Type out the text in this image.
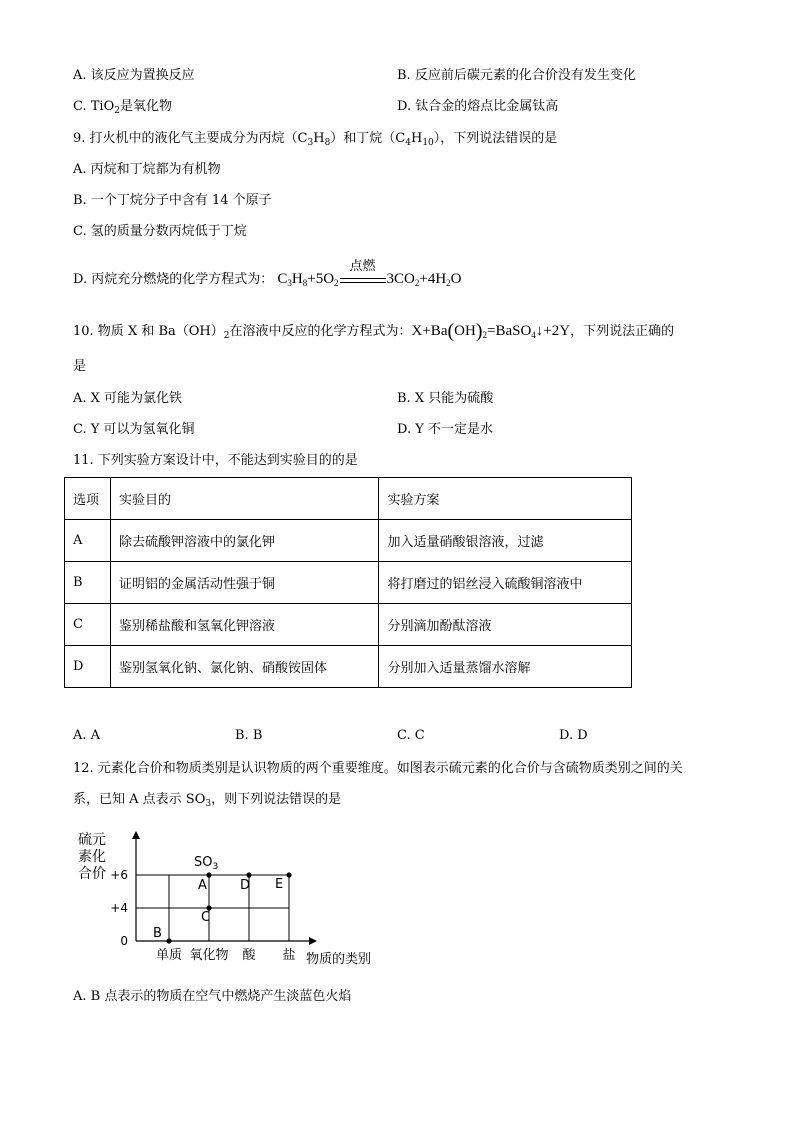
A. 该反应为置换反应	B. 反应前后碳元素的化合价没有发生变化
C. TiO$_2$是氧化物	D. 钛合金的熔点比金属钛高
9. 打火机中的液化气主要成分为丙烷$(C_3H_8)$和丁烷$(C_4H_{10})$，下列说法错误的是
A. 丙烷和丁烷都为有机物
B. 一个丁烷分子中含有 14 个原子
C. 氢的质量分数丙烷低于丁烷
D. 丙烷充分燃烧的化学方程式为： $C_3H_8+5O_2$
点燃
$3CO_2+4H_2O$
10. 物质 X 和 $Ba(OH)_2$在溶液中反应的化学方程式为：$X+Ba(OH)_2=BaSO_4↓+2Y$，下列说法正确的
是
A. X 可能为氯化铁	B. X 只能为硫酸
C. Y 可以为氢氧化铜	D. Y 不一定是水
11. 下列实验方案设计中，不能达到实验目的的是
选项	实验目的	实验方案
A	除去硫酸钾溶液中的氯化钾	加入适量硝酸银溶液，过滤
B	证明铝的金属活动性强于铜	将打磨过的铝丝浸入硫酸铜溶液中
C	鉴别稀盐酸和氢氧化钾溶液	分别滴加酚酞溶液
D	鉴别氢氧化钠、氯化钠、硝酸铵固体	分别加入适量蒸馏水溶解
A. A	B. B	C. C	D. D
12. 元素化合价和物质类别是认识物质的两个重要维度。如图表示硫元素的化合价与含硫物质类别之间的关
系，已知 A 点表示 $SO_3$，则下列说法错误的是
硫元
素化
合价
0
+4
+6
单质 氧化物 酸 盐
B
C
A	D E
$SO_3$
物质的类别
A. B 点表示的物质在空气中燃烧产生淡蓝色火焰
